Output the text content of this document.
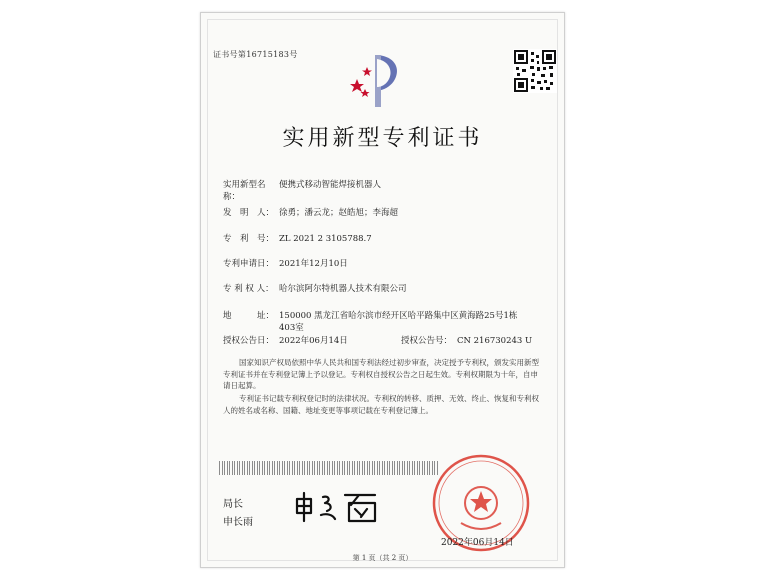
证书号第16715183号
实用新型专利证书
实用新型名称：便携式移动智能焊接机器人
发　明　人： 徐勇；潘云龙；赵皓旭；李海超
专　利　号： ZL 2021 2 3105788.7
专利申请日： 2021年12月10日
专 利 权 人： 哈尔滨阿尔特机器人技术有限公司
地　　　址： 150000 黑龙江省哈尔滨市经开区哈平路集中区黄海路25号1栋403室
授权公告日： 2022年06月14日	授权公告号： CN 216730243 U
国家知识产权局依照中华人民共和国专利法经过初步审查，决定授予专利权，颁发实用新型专利证书并在专利登记簿上予以登记。专利权自授权公告之日起生效。专利权期限为十年，自申请日起算。
专利证书记载专利权登记时的法律状况。专利权的转移、质押、无效、终止、恢复和专利权人的姓名或名称、国籍、地址变更等事项记载在专利登记簿上。
局长
申长雨
2022年06月14日
第 1 页（共 2 页）
